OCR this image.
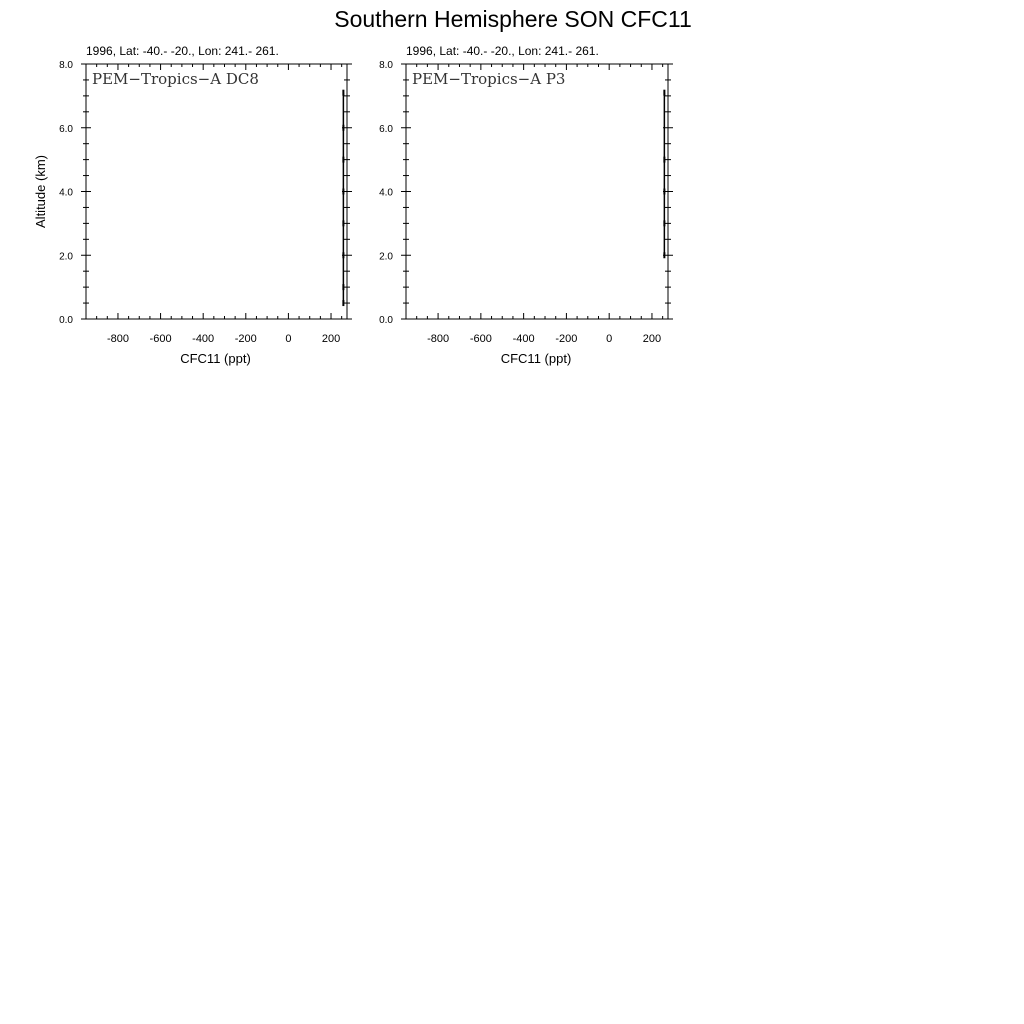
Southern Hemisphere SON CFC11
1996, Lat: -40.- -20., Lon: 241.- 261.
PEM−Tropics−A DC8
-800 -600 -400 -200	0	200
0.0
2.0
4.0
6.0
8.0
CFC11 (ppt)
Altitude (km)
1996, Lat: -40.- -20., Lon: 241.- 261.
PEM−Tropics−A P3
-800 -600 -400 -200	0	200
0.0
2.0
4.0
6.0
8.0
CFC11 (ppt)
